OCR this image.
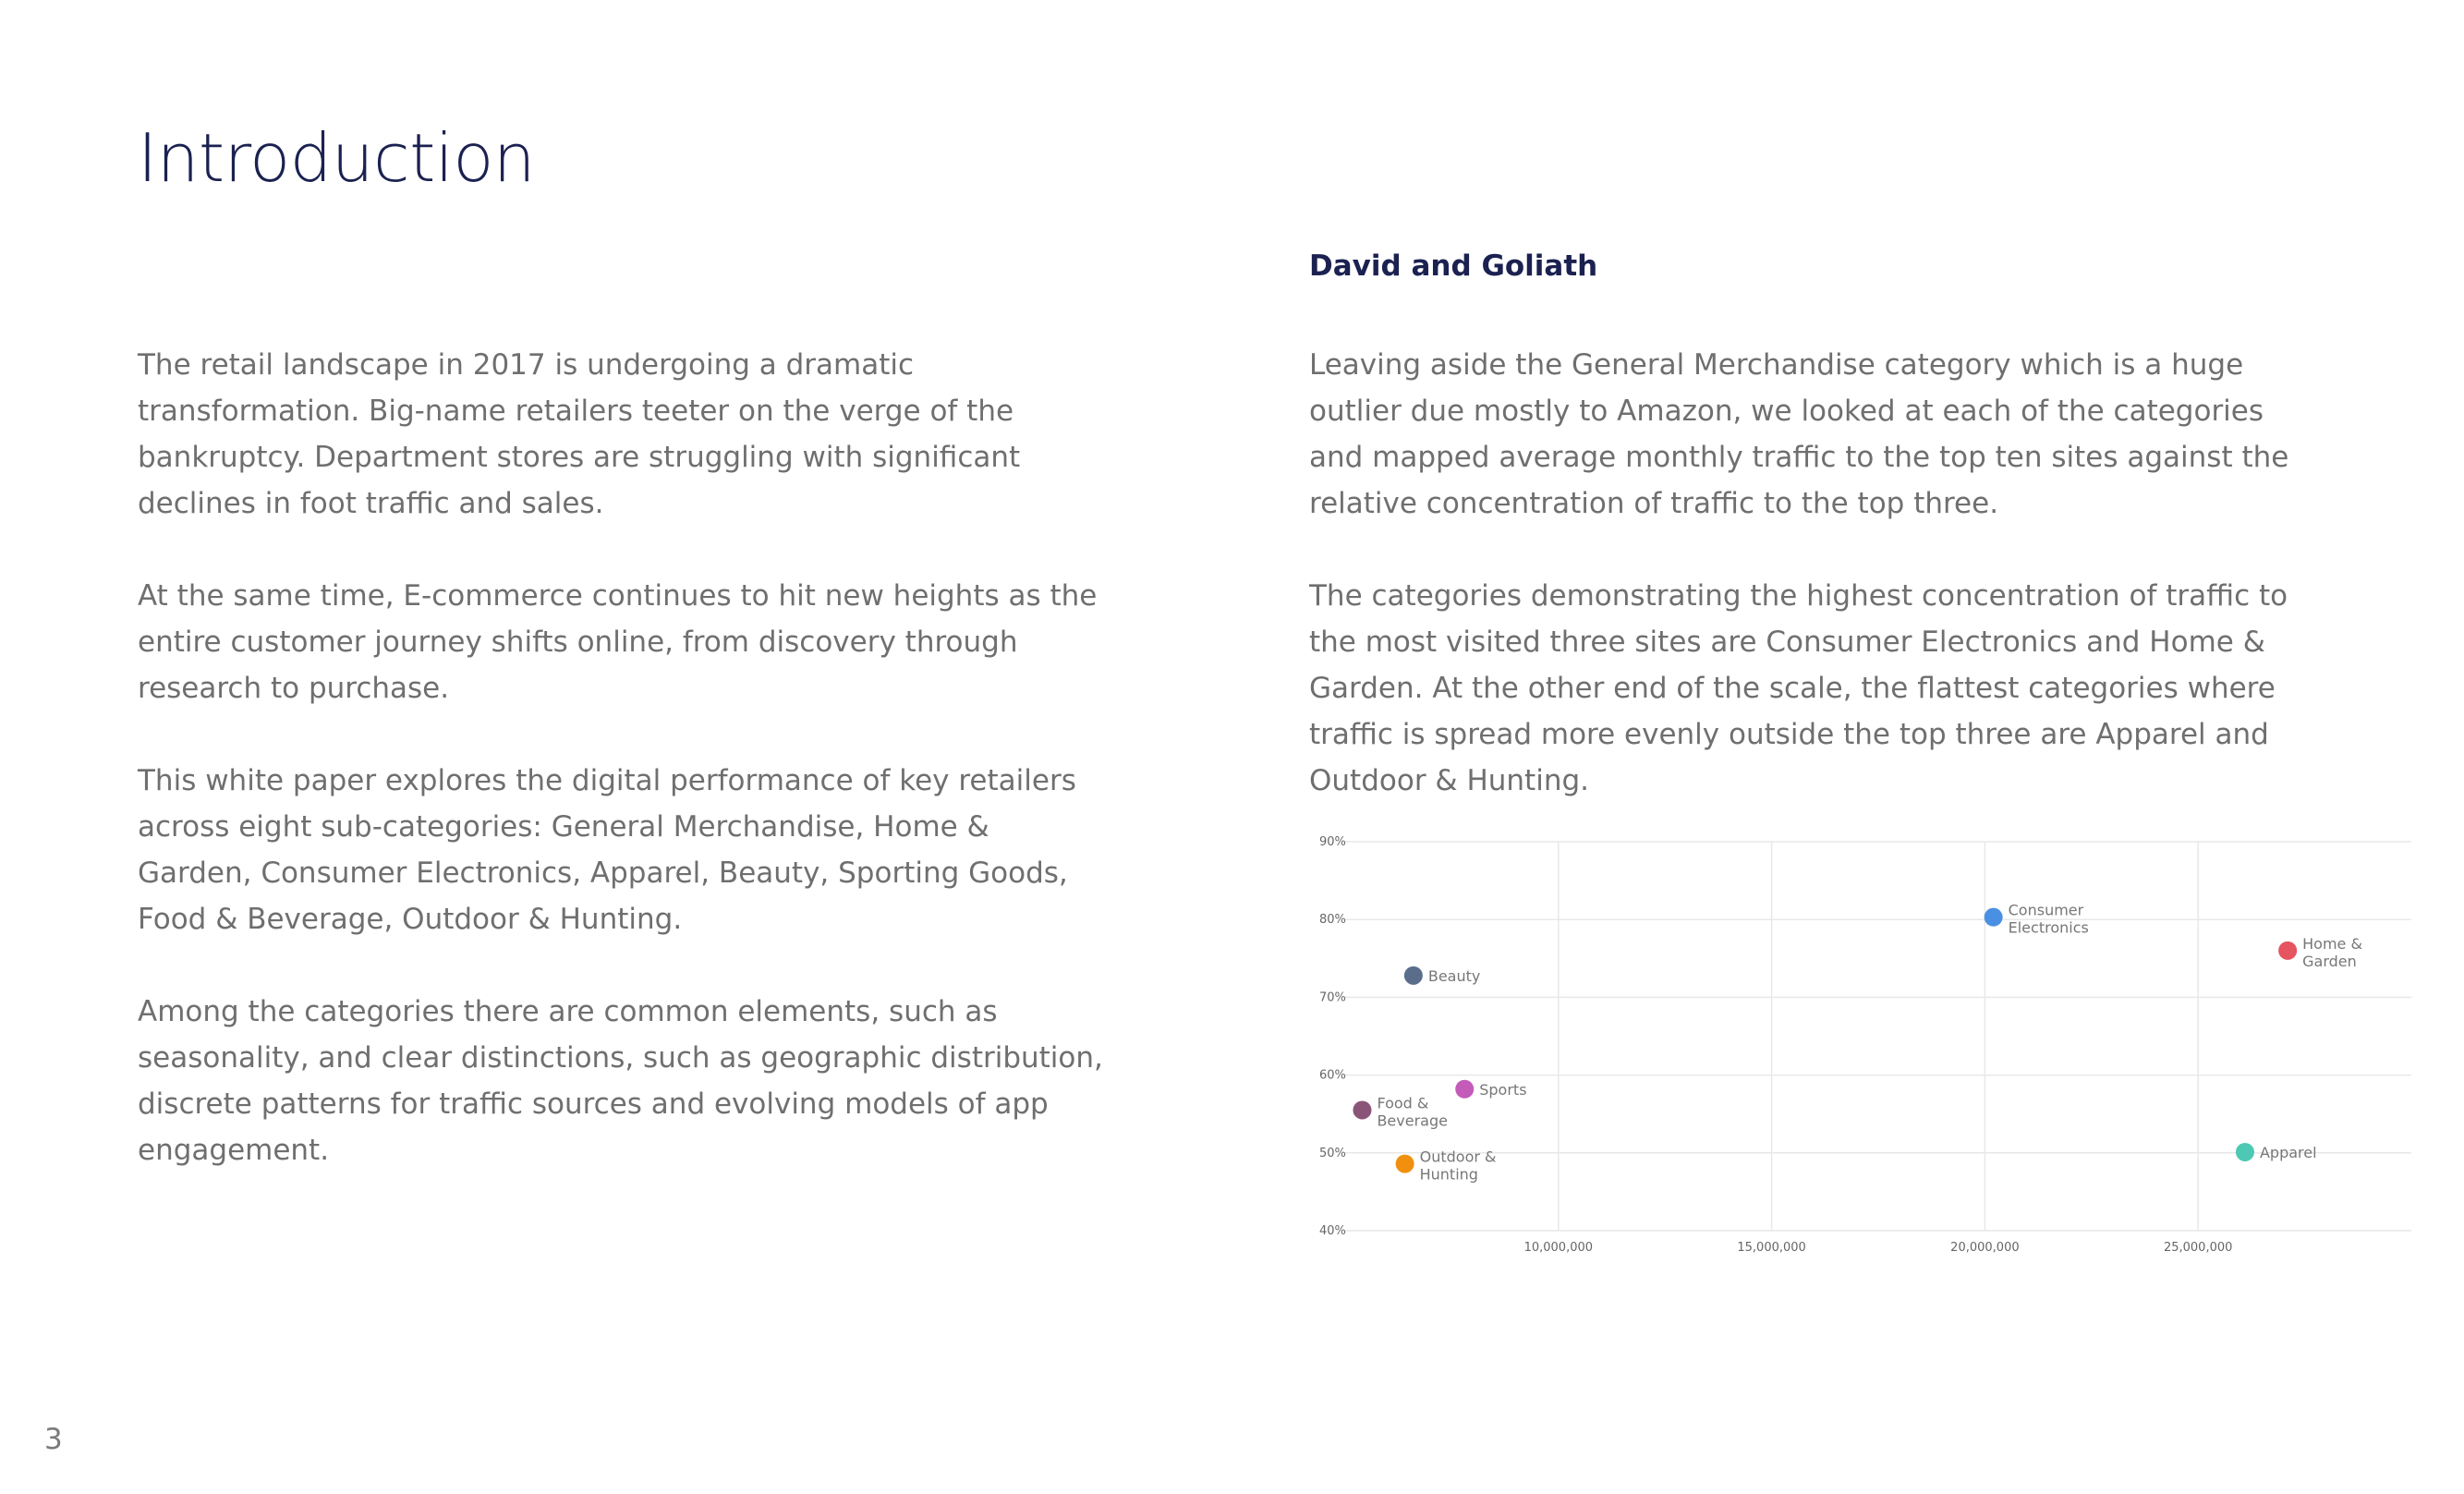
Introduction

The retail landscape in 2017 is undergoing a dramatic transformation. Big-name retailers teeter on the verge of the bankruptcy. Department stores are struggling with significant declines in foot traffic and sales.

At the same time, E-commerce continues to hit new heights as the entire customer journey shifts online, from discovery through research to purchase.

This white paper explores the digital performance of key retailers across eight sub-categories: General Merchandise, Home & Garden, Consumer Electronics, Apparel, Beauty, Sporting Goods, Food & Beverage, Outdoor & Hunting.

Among the categories there are common elements, such as seasonality, and clear distinctions, such as geographic distribution, discrete patterns for traffic sources and evolving models of app engagement.

David and Goliath

Leaving aside the General Merchandise category which is a huge outlier due mostly to Amazon, we looked at each of the categories and mapped average monthly traffic to the top ten sites against the relative concentration of traffic to the top three.

The categories demonstrating the highest concentration of traffic to the most visited three sites are Consumer Electronics and Home & Garden. At the other end of the scale, the flattest categories where traffic is spread more evenly outside the top three are Apparel and Outdoor & Hunting.

40%
50%
60%
70%
80%
90%
10,000,000	15,000,000	20,000,000	25,000,000
Consumer
Electronics
Home &
Garden
Beauty
Sports
Food &
Beverage
Outdoor &
Hunting
Apparel
3
